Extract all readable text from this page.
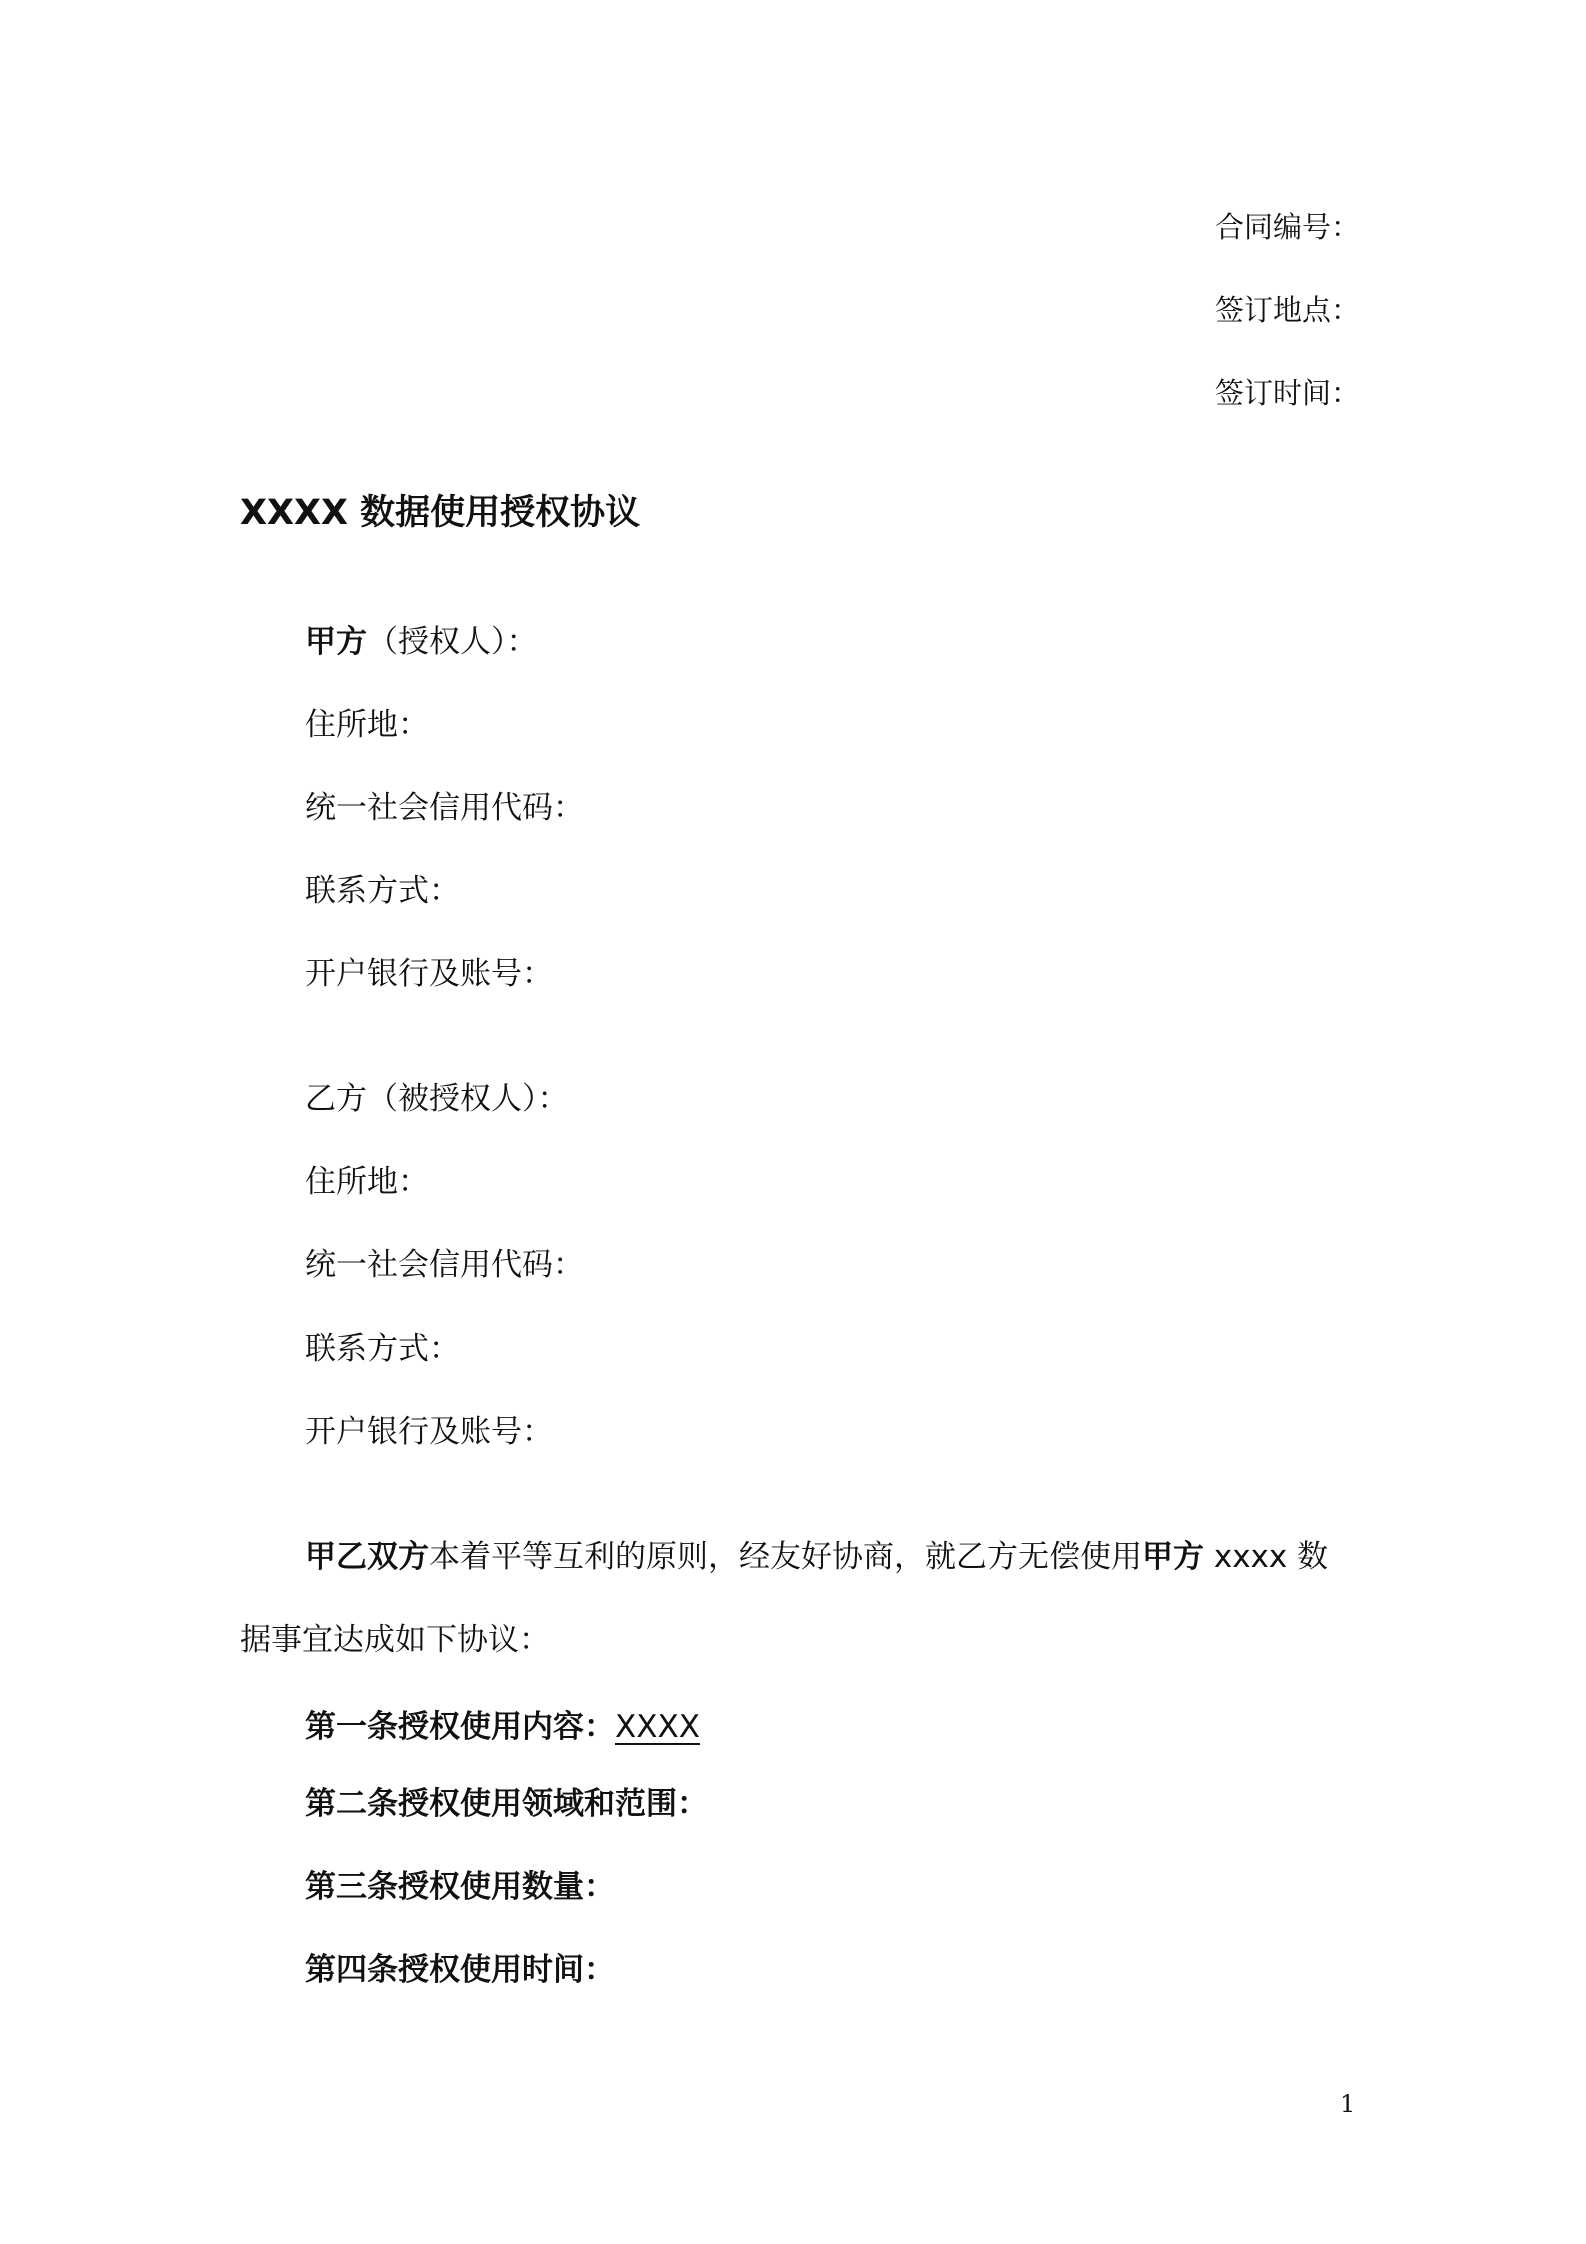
合同编号：
签订地点：
签订时间：
XXXX 数据使用授权协议
甲方（授权人）：
住所地：
统一社会信用代码：
联系方式：
开户银行及账号：
乙方（被授权人）：
住所地：
统一社会信用代码：
联系方式：
开户银行及账号：
甲乙双方本着平等互利的原则，经友好协商，就乙方无偿使用甲方 xxxx 数
据事宜达成如下协议：
第一条授权使用内容：XXXX
第二条授权使用领域和范围：
第三条授权使用数量：
第四条授权使用时间：
1
